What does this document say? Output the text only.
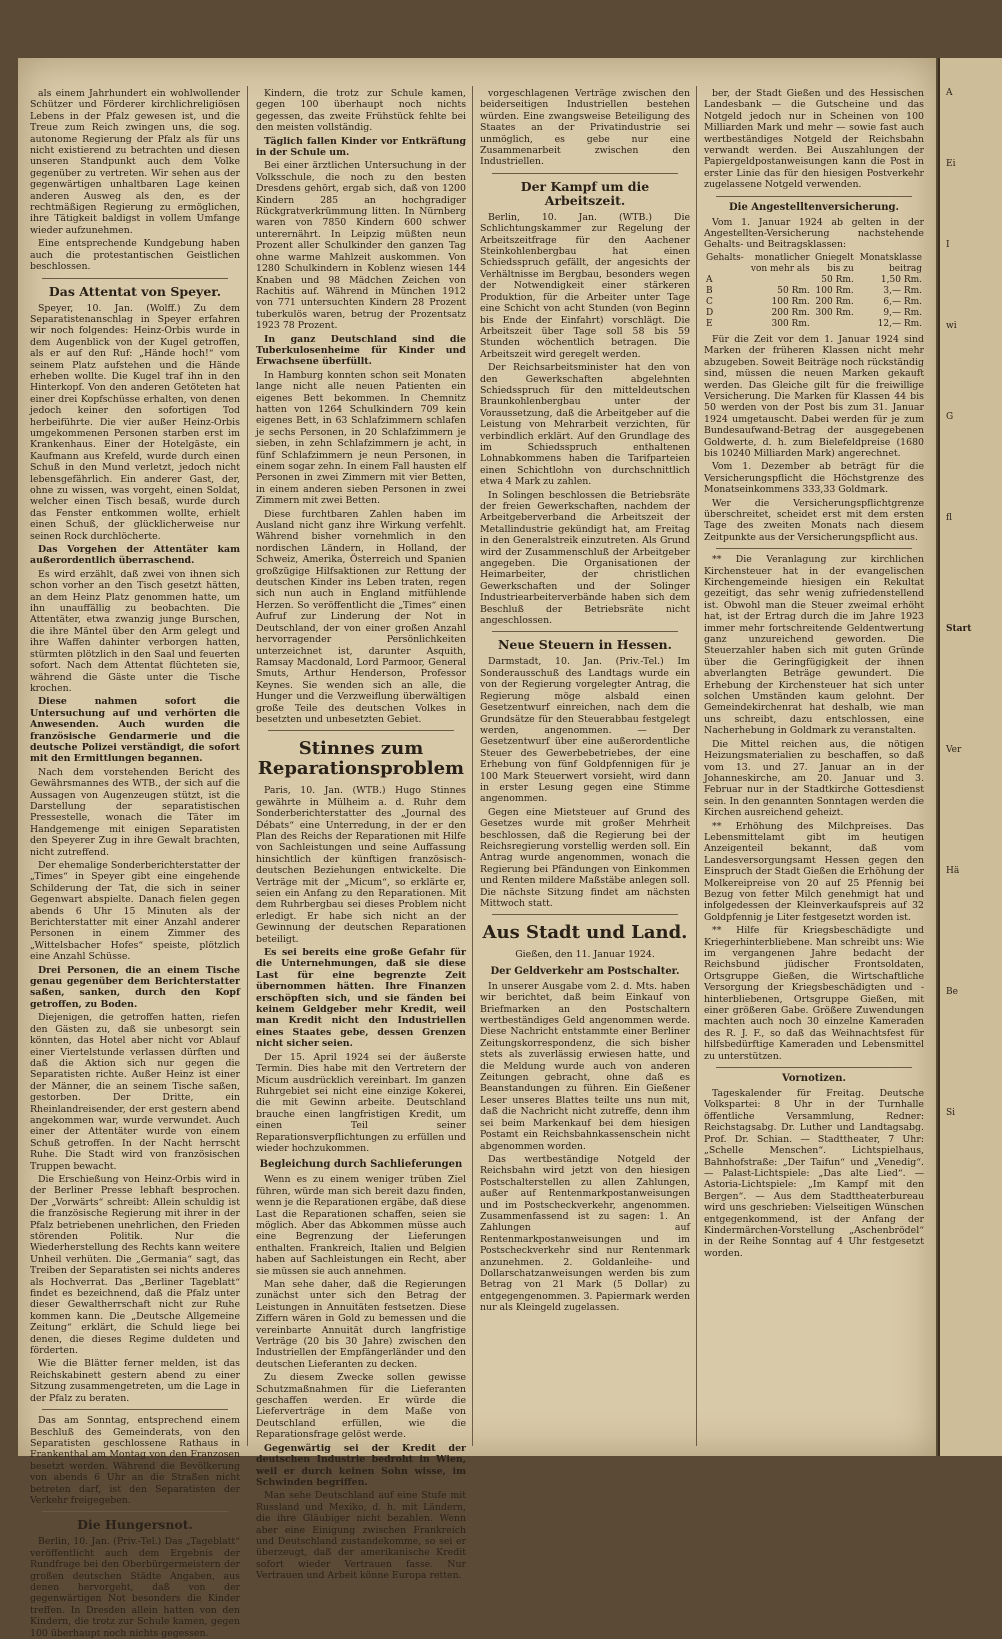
als einem Jahrhundert ein wohlwollender Schützer und Förderer kirchlichreligiösen Lebens in der Pfalz gewesen ist, und die Treue zum Reich zwingen uns, die sog. autonome Regierung der Pfalz als für uns nicht existierend zu betrachten und diesen unseren Standpunkt auch dem Volke gegenüber zu vertreten. Wir sehen aus der gegenwärtigen unhaltbaren Lage keinen anderen Ausweg als den, es der rechtmäßigen Regierung zu ermöglichen, ihre Tätigkeit baldigst in vollem Umfange wieder aufzunehmen.

Eine entsprechende Kundgebung haben auch die protestantischen Geistlichen beschlossen.

Das Attentat von Speyer.

Speyer, 10. Jan. (Wolff.) Zu dem Separatistenanschlag in Speyer erfahren wir noch folgendes: Heinz-Orbis wurde in dem Augenblick von der Kugel getroffen, als er auf den Ruf: „Hände hoch!“ vom seinem Platz aufstehen und die Hände erheben wollte. Die Kugel traf ihn in den Hinterkopf. Von den anderen Getöteten hat einer drei Kopfschüsse erhalten, von denen jedoch keiner den sofortigen Tod herbeiführte. Die vier außer Heinz-Orbis umgekommenen Personen starben erst im Krankenhaus. Einer der Hotelgäste, ein Kaufmann aus Krefeld, wurde durch einen Schuß in den Mund verletzt, jedoch nicht lebensgefährlich. Ein anderer Gast, der, ohne zu wissen, was vorgeht, einen Soldat, welcher einen Tisch besaß, wurde durch das Fenster entkommen wollte, erhielt einen Schuß, der glücklicherweise nur seinen Rock durchlöcherte.

Das Vorgehen der Attentäter kam außerordentlich überraschend.

Es wird erzählt, daß zwei von ihnen sich schon vorher an den Tisch gesetzt hätten, an dem Heinz Platz genommen hatte, um ihn unauffällig zu beobachten. Die Attentäter, etwa zwanzig junge Burschen, die ihre Mäntel über den Arm gelegt und ihre Waffen dahinter verborgen hatten, stürmten plötzlich in den Saal und feuerten sofort. Nach dem Attentat flüchteten sie, während die Gäste unter die Tische krochen.

Diese nahmen sofort die Untersuchung auf und verhörten die Anwesenden. Auch wurden die französische Gendarmerie und die deutsche Polizei verständigt, die sofort mit den Ermittlungen begannen.

Nach dem vorstehenden Bericht des Gewährsmannes des WTB., der sich auf die Aussagen von Augenzeugen stützt, ist die Darstellung der separatistischen Pressestelle, wonach die Täter im Handgemenge mit einigen Separatisten den Speyerer Zug in ihre Gewalt brachten, nicht zutreffend.

Der ehemalige Sonderberichterstatter der „Times“ in Speyer gibt eine eingehende Schilderung der Tat, die sich in seiner Gegenwart abspielte. Danach fielen gegen abends 6 Uhr 15 Minuten als der Berichterstatter mit einer Anzahl anderer Personen in einem Zimmer des „Wittelsbacher Hofes“ speiste, plötzlich eine Anzahl Schüsse.

Drei Personen, die an einem Tische genau gegenüber dem Berichterstatter saßen, sanken, durch den Kopf getroffen, zu Boden.

Diejenigen, die getroffen hatten, riefen den Gästen zu, daß sie unbesorgt sein könnten, das Hotel aber nicht vor Ablauf einer Viertelstunde verlassen dürften und daß die Aktion sich nur gegen die Separatisten richte. Außer Heinz ist einer der Männer, die an seinem Tische saßen, gestorben. Der Dritte, ein Rheinlandreisender, der erst gestern abend angekommen war, wurde verwundet. Auch einer der Attentäter wurde von einem Schuß getroffen. In der Nacht herrscht Ruhe. Die Stadt wird von französischen Truppen bewacht.

Die Erschießung von Heinz-Orbis wird in der Berliner Presse lebhaft besprochen. Der „Vorwärts“ schreibt: Allein schuldig ist die französische Regierung mit ihrer in der Pfalz betriebenen unehrlichen, den Frieden störenden Politik. Nur die Wiederherstellung des Rechts kann weitere Unheil verhüten. Die „Germania“ sagt, das Treiben der Separatisten sei nichts anderes als Hochverrat. Das „Berliner Tageblatt“ findet es bezeichnend, daß die Pfalz unter dieser Gewaltherrschaft nicht zur Ruhe kommen kann. Die „Deutsche Allgemeine Zeitung“ erklärt, die Schuld liege bei denen, die dieses Regime duldeten und förderten.

Wie die Blätter ferner melden, ist das Reichskabinett gestern abend zu einer Sitzung zusammengetreten, um die Lage in der Pfalz zu beraten.

Das am Sonntag, entsprechend einem Beschluß des Gemeinderats, von den Separatisten geschlossene Rathaus in Frankenthal am Montag von den Franzosen besetzt werden. Während die Bevölkerung von abends 6 Uhr an die Straßen nicht betreten darf, ist den Separatisten der Verkehr freigegeben.

Die Hungersnot.

Berlin, 10. Jan. (Priv.-Tel.) Das „Tageblatt“ veröffentlicht auch dem Ergebnis der Rundfrage bei den Oberbürgermeistern der großen deutschen Städte Angaben, aus denen hervorgeht, daß von der gegenwärtigen Not besonders die Kinder treffen. In Dresden allein hatten von den Kindern, die trotz zur Schule kamen, gegen 100 überhaupt noch nichts gegessen.

Kindern, die trotz zur Schule kamen, gegen 100 überhaupt noch nichts gegessen, das zweite Frühstück fehlte bei den meisten vollständig.

Täglich fallen Kinder vor Entkräftung in der Schule um.

Bei einer ärztlichen Untersuchung in der Volksschule, die noch zu den besten Dresdens gehört, ergab sich, daß von 1200 Kindern 285 an hochgradiger Rückgratverkrümmung litten. In Nürnberg waren von 7850 Kindern 600 schwer unterernährt. In Leipzig müßten neun Prozent aller Schulkinder den ganzen Tag ohne warme Mahlzeit auskommen. Von 1280 Schulkindern in Koblenz wiesen 144 Knaben und 98 Mädchen Zeichen von Rachitis auf. Während in München 1912 von 771 untersuchten Kindern 28 Prozent tuberkulös waren, betrug der Prozentsatz 1923 78 Prozent.

In ganz Deutschland sind die Tuberkulosenheime für Kinder und Erwachsene überfüllt.

In Hamburg konnten schon seit Monaten lange nicht alle neuen Patienten ein eigenes Bett bekommen. In Chemnitz hatten von 1264 Schulkindern 709 kein eigenes Bett, in 63 Schlafzimmern schlafen je sechs Personen, in 20 Schlafzimmern je sieben, in zehn Schlafzimmern je acht, in fünf Schlafzimmern je neun Personen, in einem sogar zehn. In einem Fall hausten elf Personen in zwei Zimmern mit vier Betten, in einem anderen sieben Personen in zwei Zimmern mit zwei Betten.

Diese furchtbaren Zahlen haben im Ausland nicht ganz ihre Wirkung verfehlt. Während bisher vornehmlich in den nordischen Ländern, in Holland, der Schweiz, Amerika, Österreich und Spanien großzügige Hilfsaktionen zur Rettung der deutschen Kinder ins Leben traten, regen sich nun auch in England mitfühlende Herzen. So veröffentlicht die „Times“ einen Aufruf zur Linderung der Not in Deutschland, der von einer großen Anzahl hervorragender Persönlichkeiten unterzeichnet ist, darunter Asquith, Ramsay Macdonald, Lord Parmoor, General Smuts, Arthur Henderson, Professor Keynes. Sie wenden sich an alle, die Hunger und die Verzweiflung überwältigen große Teile des deutschen Volkes in besetzten und unbesetzten Gebiet.

Stinnes zum Reparationsproblem

Paris, 10. Jan. (WTB.) Hugo Stinnes gewährte in Mülheim a. d. Ruhr dem Sonderberichterstatter des „Journal des Débats“ eine Unterredung, in der er den Plan des Reichs der Reparationen mit Hilfe von Sachleistungen und seine Auffassung hinsichtlich der künftigen französisch-deutschen Beziehungen entwickelte. Die Verträge mit der „Micum“, so erklärte er, seien ein Anfang zu den Reparationen. Mit dem Ruhrbergbau sei dieses Problem nicht erledigt. Er habe sich nicht an der Gewinnung der deutschen Reparationen beteiligt.

Es sei bereits eine große Gefahr für die Unternehmungen, daß sie diese Last für eine begrenzte Zeit übernommen hätten. Ihre Finanzen erschöpften sich, und sie fänden bei keinem Geldgeber mehr Kredit, weil man Kredit nicht den Industriellen eines Staates gebe, dessen Grenzen nicht sicher seien.

Der 15. April 1924 sei der äußerste Termin. Dies habe mit den Vertretern der Micum ausdrücklich vereinbart. Im ganzen Ruhrgebiet sei nicht eine einzige Kokerei, die mit Gewinn arbeite. Deutschland brauche einen langfristigen Kredit, um einen Teil seiner Reparationsverpflichtungen zu erfüllen und wieder hochzukommen.

Begleichung durch Sachlieferungen

Wenn es zu einem weniger trüben Ziel führen, würde man sich bereit dazu finden, wenn je die Reparationen ergäbe, daß diese Last die Reparationen schaffen, seien sie möglich. Aber das Abkommen müsse auch eine Begrenzung der Lieferungen enthalten. Frankreich, Italien und Belgien haben auf Sachleistungen ein Recht, aber sie müssen sie auch annehmen.

Man sehe daher, daß die Regierungen zunächst unter sich den Betrag der Leistungen in Annuitäten festsetzen. Diese Ziffern wären in Gold zu bemessen und die vereinbarte Annuität durch langfristige Verträge (20 bis 30 Jahre) zwischen den Industriellen der Empfängerländer und den deutschen Lieferanten zu decken.

Zu diesem Zwecke sollen gewisse Schutzmaßnahmen für die Lieferanten geschaffen werden. Er würde die Lieferverträge in dem Maße von Deutschland erfüllen, wie die Reparationsfrage gelöst werde.

Gegenwärtig sei der Kredit der deutschen Industrie bedroht in Wien, weil er durch keinen Sohn wisse, im Schwinden begriffen.

Man sehe Deutschland auf eine Stufe mit Russland und Mexiko, d. h. mit Ländern, die ihre Gläubiger nicht bezahlen. Wenn aber eine Einigung zwischen Frankreich und Deutschland zustandekomme, so sei er überzeugt, daß der amerikanische Kredit sofort wieder Vertrauen fasse. Nur Vertrauen und Arbeit könne Europa retten.

vorgeschlagenen Verträge zwischen den beiderseitigen Industriellen bestehen würden. Eine zwangsweise Beteiligung des Staates an der Privatindustrie sei unmöglich, es gebe nur eine Zusammenarbeit zwischen den Industriellen.

Der Kampf um die Arbeitszeit.

Berlin, 10. Jan. (WTB.) Die Schlichtungskammer zur Regelung der Arbeitszeitfrage für den Aachener Steinkohlenbergbau hat einen Schiedsspruch gefällt, der angesichts der Verhältnisse im Bergbau, besonders wegen der Notwendigkeit einer stärkeren Produktion, für die Arbeiter unter Tage eine Schicht von acht Stunden (von Beginn bis Ende der Einfahrt) vorschlägt. Die Arbeitszeit über Tage soll 58 bis 59 Stunden wöchentlich betragen. Die Arbeitszeit wird geregelt werden.

Der Reichsarbeitsminister hat den von den Gewerkschaften abgelehnten Schiedsspruch für den mitteldeutschen Braunkohlenbergbau unter der Voraussetzung, daß die Arbeitgeber auf die Leistung von Mehrarbeit verzichten, für verbindlich erklärt. Auf den Grundlage des im Schiedsspruch enthaltenen Lohnabkommens haben die Tarifparteien einen Schichtlohn von durchschnittlich etwa 4 Mark zu zahlen.

In Solingen beschlossen die Betriebsräte der freien Gewerkschaften, nachdem der Arbeitgeberverband die Arbeitszeit der Metallindustrie gekündigt hat, am Freitag in den Generalstreik einzutreten. Als Grund wird der Zusammenschluß der Arbeitgeber angegeben. Die Organisationen der Heimarbeiter, der christlichen Gewerkschaften und der Solinger Industriearbeiterverbände haben sich dem Beschluß der Betriebsräte nicht angeschlossen.

Neue Steuern in Hessen.

Darmstadt, 10. Jan. (Priv.-Tel.) Im Sonderausschuß des Landtags wurde ein von der Regierung vorgelegter Antrag, die Regierung möge alsbald einen Gesetzentwurf einreichen, nach dem die Grundsätze für den Steuerabbau festgelegt werden, angenommen. — Der Gesetzentwurf über eine außerordentliche Steuer des Gewerbebetriebes, der eine Erhebung von fünf Goldpfennigen für je 100 Mark Steuerwert vorsieht, wird dann in erster Lesung gegen eine Stimme angenommen.

Gegen eine Mietsteuer auf Grund des Gesetzes wurde mit großer Mehrheit beschlossen, daß die Regierung bei der Reichsregierung vorstellig werden soll. Ein Antrag wurde angenommen, wonach die Regierung bei Pfändungen von Einkommen und Renten mildere Maßstäbe anlegen soll. Die nächste Sitzung findet am nächsten Mittwoch statt.

Aus Stadt und Land.

Gießen, den 11. Januar 1924.

Der Geldverkehr am Postschalter.

In unserer Ausgabe vom 2. d. Mts. haben wir berichtet, daß beim Einkauf von Briefmarken an den Postschaltern wertbeständiges Geld angenommen werde. Diese Nachricht entstammte einer Berliner Zeitungskorrespondenz, die sich bisher stets als zuverlässig erwiesen hatte, und die Meldung wurde auch von anderen Zeitungen gebracht, ohne daß es Beanstandungen zu führen. Ein Gießener Leser unseres Blattes teilte uns nun mit, daß die Nachricht nicht zutreffe, denn ihm sei beim Markenkauf bei dem hiesigen Postamt ein Reichsbahnkassenschein nicht abgenommen worden.

Das wertbeständige Notgeld der Reichsbahn wird jetzt von den hiesigen Postschalterstellen zu allen Zahlungen, außer auf Rentenmarkpostanweisungen und im Postscheckverkehr, angenommen. Zusammenfassend ist zu sagen: 1. An Zahlungen auf Rentenmarkpostanweisungen und im Postscheckverkehr sind nur Rentenmark anzunehmen. 2. Goldanleihe- und Dollarschatzanweisungen werden bis zum Betrag von 21 Mark (5 Dollar) zu entgegengenommen. 3. Papiermark werden nur als Kleingeld zugelassen.

ber, der Stadt Gießen und des Hessischen Landesbank — die Gutscheine und das Notgeld jedoch nur in Scheinen von 100 Milliarden Mark und mehr — sowie fast auch wertbeständiges Notgeld der Reichsbahn verwandt werden. Bei Auszahlungen der Papiergeldpostanweisungen kann die Post in erster Linie das für den hiesigen Postverkehr zugelassene Notgeld verwenden.

Die Angestelltenversicherung.

Vom 1. Januar 1924 ab gelten in der Angestellten-Versicherung nachstehende Gehalts- und Beitragsklassen:

Gehalts-	monatlicher	Gniegelt	Monatsklasse
	von mehr als	bis zu	beitrag
A		50 Rm.	1,50 Rm.
B	50 Rm.	100 Rm.	3,— Rm.
C	100 Rm.	200 Rm.	6,— Rm.
D	200 Rm.	300 Rm.	9,— Rm.
E	300 Rm.		12,— Rm.

Für die Zeit vor dem 1. Januar 1924 sind Marken der früheren Klassen nicht mehr abzugeben. Soweit Beiträge noch rückständig sind, müssen die neuen Marken gekauft werden. Das Gleiche gilt für die freiwillige Versicherung. Die Marken für Klassen 44 bis 50 werden von der Post bis zum 31. Januar 1924 umgetauscht. Dabei werden für je zum Bundesaufwand-Betrag der ausgegebenen Goldwerte, d. h. zum Bielefeldpreise (1680 bis 10240 Milliarden Mark) angerechnet.

Vom 1. Dezember ab beträgt für die Versicherungspflicht die Höchstgrenze des Monatseinkommens 333,33 Goldmark.

Wer die Versicherungspflichtgrenze überschreitet, scheidet erst mit dem ersten Tage des zweiten Monats nach diesem Zeitpunkte aus der Versicherungspflicht aus.

** Die Veranlagung zur kirchlichen Kirchensteuer hat in der evangelischen Kirchengemeinde hiesigen ein Rekultat gezeitigt, das sehr wenig zufriedenstellend ist. Obwohl man die Steuer zweimal erhöht hat, ist der Ertrag durch die im Jahre 1923 immer mehr fortschreitende Geldentwertung ganz unzureichend geworden. Die Steuerzahler haben sich mit guten Gründe über die Geringfügigkeit der ihnen abverlangten Beträge gewundert. Die Erhebung der Kirchensteuer hat sich unter solchen Umständen kaum gelohnt. Der Gemeindekirchenrat hat deshalb, wie man uns schreibt, dazu entschlossen, eine Nacherhebung in Goldmark zu veranstalten.

Die Mittel reichen aus, die nötigen Heizungsmaterialien zu beschaffen, so daß vom 13. und 27. Januar an in der Johanneskirche, am 20. Januar und 3. Februar nur in der Stadtkirche Gottesdienst sein. In den genannten Sonntagen werden die Kirchen ausreichend geheizt.

** Erhöhung des Milchpreises. Das Lebensmittelamt gibt im heutigen Anzeigenteil bekannt, daß vom Landesversorgungsamt Hessen gegen den Einspruch der Stadt Gießen die Erhöhung der Molkereipreise von 20 auf 25 Pfennig bei Bezug von fetter Milch genehmigt hat und infolgedessen der Kleinverkaufspreis auf 32 Goldpfennig je Liter festgesetzt worden ist.

** Hilfe für Kriegsbeschädigte und Kriegerhinterbliebene. Man schreibt uns: Wie im vergangenen Jahre bedacht der Reichsbund jüdischer Frontsoldaten, Ortsgruppe Gießen, die Wirtschaftliche Versorgung der Kriegsbeschädigten und -hinterbliebenen, Ortsgruppe Gießen, mit einer größeren Gabe. Größere Zuwendungen machten auch noch 30 einzelne Kameraden des R. J. F., so daß das Weihnachtsfest für hilfsbedürftige Kameraden und Lebensmittel zu unterstützen.

Vornotizen.

Tageskalender für Freitag. Deutsche Volkspartei: 8 Uhr in der Turnhalle öffentliche Versammlung, Redner: Reichstagsabg. Dr. Luther und Landtagsabg. Prof. Dr. Schian. — Stadttheater, 7 Uhr: „Schelle Menschen“. Lichtspielhaus, Bahnhofstraße: „Der Taifun“ und „Venedig“. — Palast-Lichtspiele: „Das alte Lied“. — Astoria-Lichtspiele: „Im Kampf mit den Bergen“. — Aus dem Stadttheaterbureau wird uns geschrieben: Vielseitigen Wünschen entgegenkommend, ist der Anfang der Kindermärchen-Vorstellung „Aschenbrödel“ in der Reihe Sonntag auf 4 Uhr festgesetzt worden.

A
Ei
I
wi
G
fl
Start
Ver
Hä
Be
Si
